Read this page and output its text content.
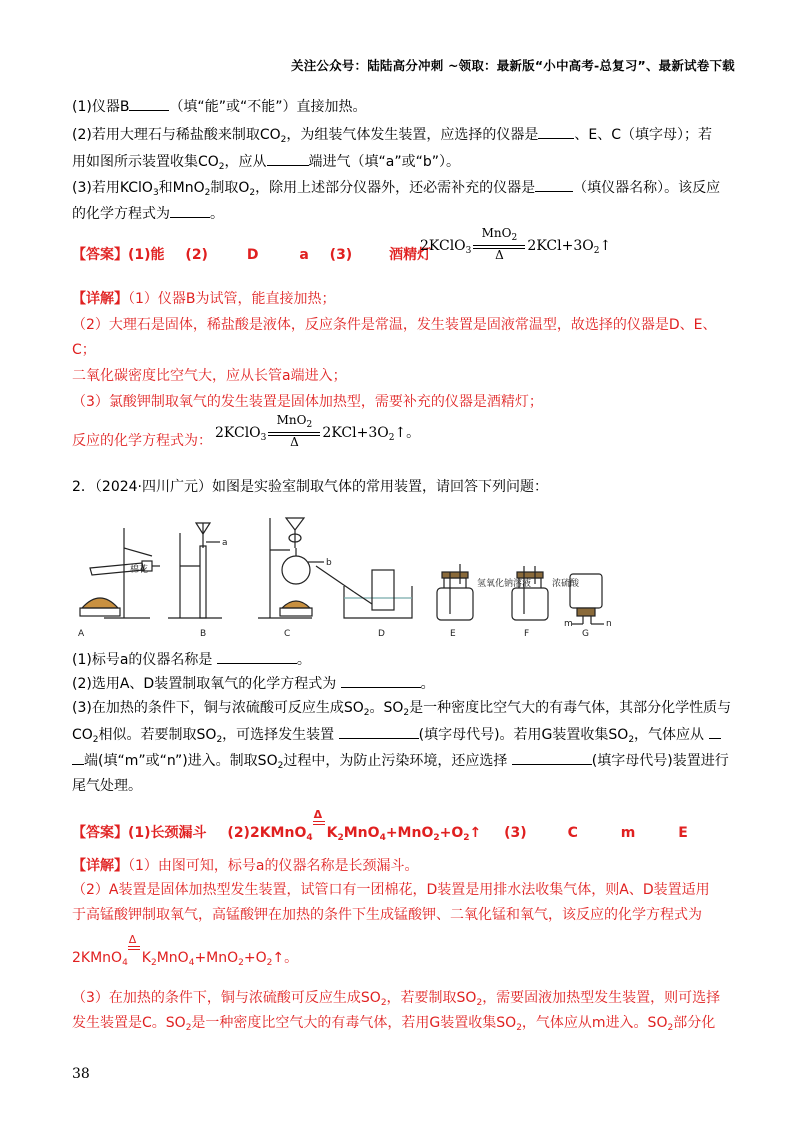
关注公众号：陆陆高分冲刺 ~领取：最新版“小中高考-总复习”、最新试卷下载
(1)仪器B	（填“能”或“不能”）直接加热。
(2)若用大理石与稀盐酸来制取$CO_2$，为组装气体发生装置，应选择的仪器是	、E、C（填字母）；若
用如图所示装置收集$CO_2$，应从	端进气（填“a”或“b”）。
(3)若用KClO$_3$和MnO$_2$制取$O_2$，除用上述部分仪器外，还必需补充的仪器是	（填仪器名称）。该反应
的化学方程式为	。
【答案】(1)能 (2)	D	a (3)	酒精灯
2KClO$_3$ $\frac{MnO_2}{\Delta}$ $2KCl+3O_2↑$
【详解】（1）仪器B为试管，能直接加热；
（2）大理石是固体，稀盐酸是液体，反应条件是常温，发生装置是固液常温型，故选择的仪器是D、E、
C；
二氧化碳密度比空气大，应从长管a端进入；
（3）氯酸钾制取氧气的发生装置是固体加热型，需要补充的仪器是酒精灯；
反应的化学方程式为： 2KClO$_3$ $\frac{MnO_2}{\Delta}$ $2KCl+3O_2↑$。
2．（2024·四川广元）如图是实验室制取气体的常用装置，请回答下列问题：
棉花
a
b
氢氧化钠溶液 浓硫酸
m	n
A	B	C	D	E	F	G
(1)标号a的仪器名称是	。
(2)选用A、D装置制取氧气的化学方程式为	。
(3)在加热的条件下，铜与浓硫酸可反应生成$SO_2$。$SO_2$是一种密度比空气大的有毒气体，其部分化学性质与
$CO_2$相似。若要制取$SO_2$，可选择发生装置	(填字母代号)。若用G装置收集$SO_2$，气体应从
端(填“m”或“n”)进入。制取$SO_2$过程中，为防止污染环境，还应选择	(填字母代号)装置进行
尾气处理。
【答案】(1)长颈漏斗 (2)2KMnO$_4$
Δ
$K_2MnO_4+MnO_2+O_2↑$ (3)	C	m	E
【详解】（1）由图可知，标号a的仪器名称是长颈漏斗。
（2）A装置是固体加热型发生装置，试管口有一团棉花，D装置是用排水法收集气体，则A、D装置适用
于高锰酸钾制取氧气，高锰酸钾在加热的条件下生成锰酸钾、二氧化锰和氧气，该反应的化学方程式为
2KMnO$_4$
Δ
$K_2MnO_4+MnO_2+O_2↑$。
（3）在加热的条件下，铜与浓硫酸可反应生成$SO_2$，若要制取$SO_2$，需要固液加热型发生装置，则可选择
发生装置是C。$SO_2$是一种密度比空气大的有毒气体，若用G装置收集$SO_2$，气体应从m进入。$SO_2$部分化
38
